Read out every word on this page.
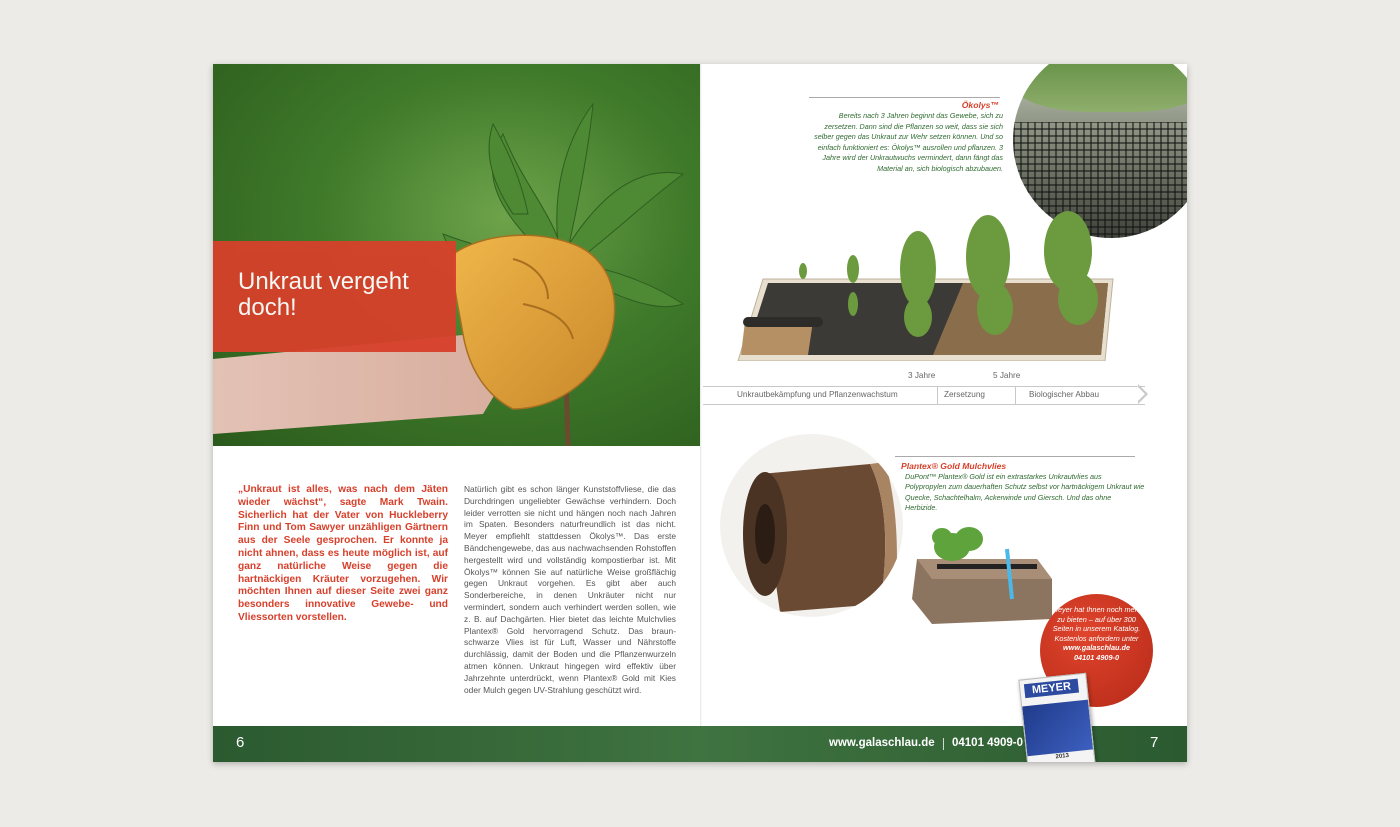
Unkraut vergeht
doch!
„Unkraut ist alles, was nach dem Jäten wieder wächst“, sagte Mark Twain. Sicherlich hat der Vater von Huckleberry Finn und Tom Sawyer unzähligen Gärtnern aus der Seele gesprochen. Er konnte ja nicht ahnen, dass es heute möglich ist, auf ganz natürliche Weise gegen die hartnäckigen Kräuter vorzugehen. Wir möchten Ihnen auf dieser Seite zwei ganz besonders innovative Gewebe- und Vliessorten vorstellen.
Natürlich gibt es schon länger Kunststoffvliese, die das Durchdringen ungeliebter Gewächse verhindern. Doch leider verrotten sie nicht und hängen noch nach Jahren im Spaten. Besonders naturfreundlich ist das nicht. Meyer empfiehlt stattdessen Ökolys™. Das erste Bändchengewebe, das aus nachwachsenden Rohstoffen hergestellt wird und vollständig kompostierbar ist. Mit Ökolys™ können Sie auf natürliche Weise großflächig gegen Unkraut vorgehen. Es gibt aber auch Sonderbereiche, in denen Unkräuter nicht nur vermindert, sondern auch verhindert werden sollen, wie z. B. auf Dachgärten. Hier bietet das leichte Mulchvlies Plantex® Gold hervorragend Schutz. Das braun-schwarze Vlies ist für Luft, Wasser und Nährstoffe durchlässig, damit der Boden und die Pflanzenwurzeln atmen können. Unkraut hingegen wird effektiv über Jahrzehnte unterdrückt, wenn Plantex® Gold mit Kies oder Mulch gegen UV-Strahlung geschützt wird.
Ökolys™
Bereits nach 3 Jahren beginnt das Gewebe, sich zu zersetzen. Dann sind die Pflanzen so weit, dass sie sich selber gegen das Unkraut zur Wehr setzen können. Und so einfach funktioniert es: Ökolys™ ausrollen und pflanzen. 3 Jahre wird der Unkrautwuchs vermindert, dann fängt das Material an, sich biologisch abzubauen.
3 Jahre	5 Jahre
Unkrautbekämpfung und Pflanzenwachstum	Zersetzung	Biologischer Abbau
Plantex® Gold Mulchvlies
DuPont™ Plantex® Gold ist ein extrastarkes Unkrautvlies aus Polypropylen zum dauerhaften Schutz selbst vor hartnäckigem Unkraut wie Quecke, Schachtelhalm, Ackerwinde und Giersch. Und das ohne Herbizide.
Meyer hat Ihnen noch mehr zu bieten – auf über 300 Seiten in unserem Katalog. Kostenlos anfordern unter
www.galaschlau.de
04101 4909-0
6	7
www.galaschlau.de 04101 4909-0
MEYER
2013
